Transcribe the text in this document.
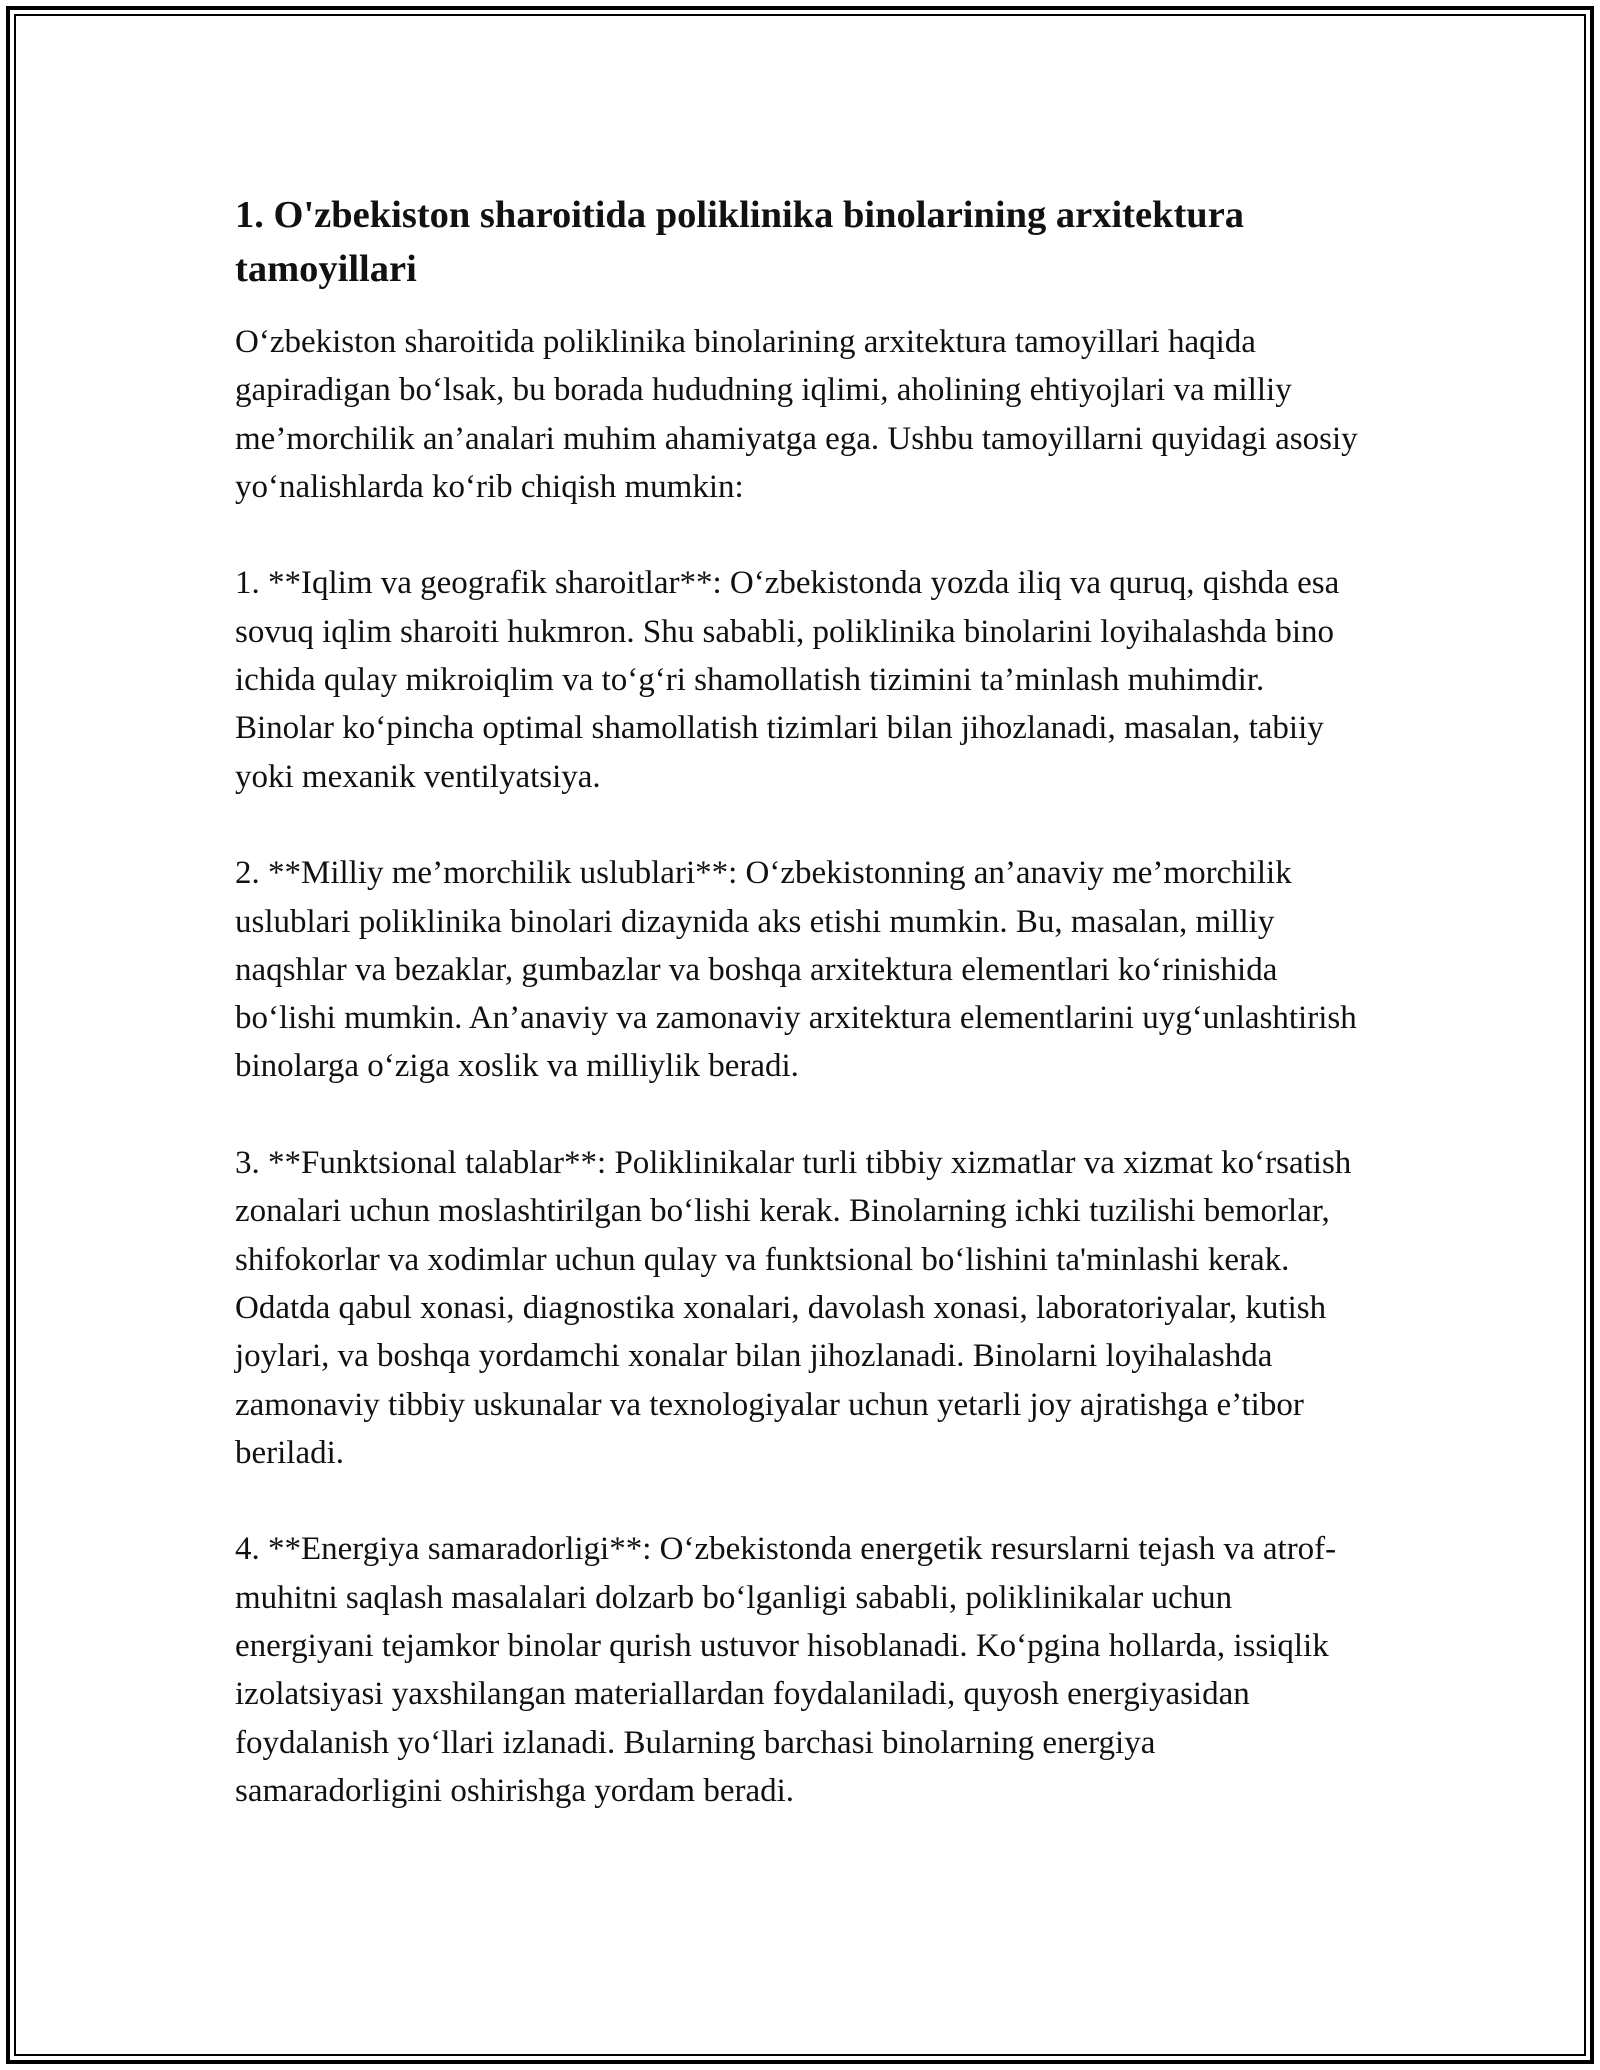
1. O'zbekiston sharoitida poliklinika binolarining arxitektura tamoyillari

O‘zbekiston sharoitida poliklinika binolarining arxitektura tamoyillari haqida gapiradigan bo‘lsak, bu borada hududning iqlimi, aholining ehtiyojlari va milliy me’morchilik an’analari muhim ahamiyatga ega. Ushbu tamoyillarni quyidagi asosiy yo‘nalishlarda ko‘rib chiqish mumkin:

1. **Iqlim va geografik sharoitlar**: O‘zbekistonda yozda iliq va quruq, qishda esa sovuq iqlim sharoiti hukmron. Shu sababli, poliklinika binolarini loyihalashda bino ichida qulay mikroiqlim va to‘g‘ri shamollatish tizimini ta’minlash muhimdir. Binolar ko‘pincha optimal shamollatish tizimlari bilan jihozlanadi, masalan, tabiiy yoki mexanik ventilyatsiya.

2. **Milliy me’morchilik uslublari**: O‘zbekistonning an’anaviy me’morchilik uslublari poliklinika binolari dizaynida aks etishi mumkin. Bu, masalan, milliy naqshlar va bezaklar, gumbazlar va boshqa arxitektura elementlari ko‘rinishida bo‘lishi mumkin. An’anaviy va zamonaviy arxitektura elementlarini uyg‘unlashtirish binolarga o‘ziga xoslik va milliylik beradi.

3. **Funktsional talablar**: Poliklinikalar turli tibbiy xizmatlar va xizmat ko‘rsatish zonalari uchun moslashtirilgan bo‘lishi kerak. Binolarning ichki tuzilishi bemorlar, shifokorlar va xodimlar uchun qulay va funktsional bo‘lishini ta'minlashi kerak. Odatda qabul xonasi, diagnostika xonalari, davolash xonasi, laboratoriyalar, kutish joylari, va boshqa yordamchi xonalar bilan jihozlanadi. Binolarni loyihalashda zamonaviy tibbiy uskunalar va texnologiyalar uchun yetarli joy ajratishga e’tibor beriladi.

4. **Energiya samaradorligi**: O‘zbekistonda energetik resurslarni tejash va atrof-muhitni saqlash masalalari dolzarb bo‘lganligi sababli, poliklinikalar uchun energiyani tejamkor binolar qurish ustuvor hisoblanadi. Ko‘pgina hollarda, issiqlik izolatsiyasi yaxshilangan materiallardan foydalaniladi, quyosh energiyasidan foydalanish yo‘llari izlanadi. Bularning barchasi binolarning energiya samaradorligini oshirishga yordam beradi.
